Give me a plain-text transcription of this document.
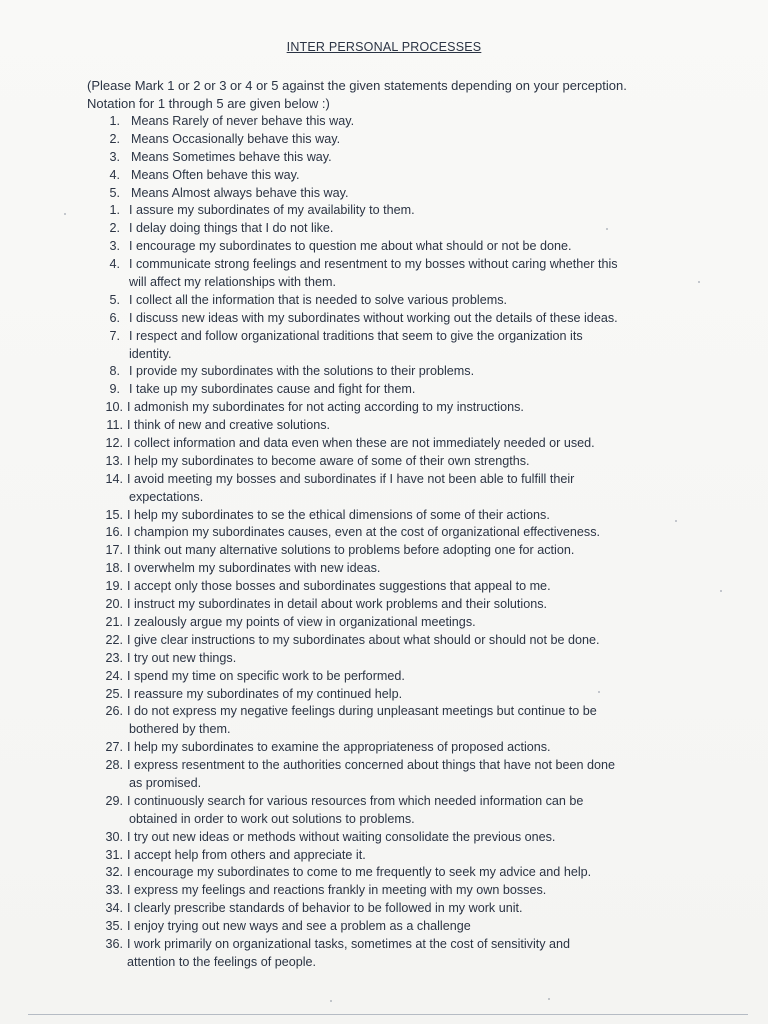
INTER PERSONAL PROCESSES
(Please Mark 1 or 2 or 3 or 4 or 5 against the given statements depending on your perception.
Notation for 1 through 5 are given below :)
1. Means Rarely of never behave this way.
2. Means Occasionally behave this way.
3. Means Sometimes behave this way.
4. Means Often behave this way.
5. Means Almost always behave this way.
1. I assure my subordinates of my availability to them.
2. I delay doing things that I do not like.
3. I encourage my subordinates to question me about what should or not be done.
4. I communicate strong feelings and resentment to my bosses without caring whether this
will affect my relationships with them.
5. I collect all the information that is needed to solve various problems.
6. I discuss new ideas with my subordinates without working out the details of these ideas.
7. I respect and follow organizational traditions that seem to give the organization its
identity.
8. I provide my subordinates with the solutions to their problems.
9. I take up my subordinates cause and fight for them.
10. I admonish my subordinates for not acting according to my instructions.
11. I think of new and creative solutions.
12. I collect information and data even when these are not immediately needed or used.
13. I help my subordinates to become aware of some of their own strengths.
14. I avoid meeting my bosses and subordinates if I have not been able to fulfill their
expectations.
15. I help my subordinates to se the ethical dimensions of some of their actions.
16. I champion my subordinates causes, even at the cost of organizational effectiveness.
17. I think out many alternative solutions to problems before adopting one for action.
18. I overwhelm my subordinates with new ideas.
19. I accept only those bosses and subordinates suggestions that appeal to me.
20. I instruct my subordinates in detail about work problems and their solutions.
21. I zealously argue my points of view in organizational meetings.
22. I give clear instructions to my subordinates about what should or should not be done.
23. I try out new things.
24. I spend my time on specific work to be performed.
25. I reassure my subordinates of my continued help.
26. I do not express my negative feelings during unpleasant meetings but continue to be
bothered by them.
27. I help my subordinates to examine the appropriateness of proposed actions.
28. I express resentment to the authorities concerned about things that have not been done
as promised.
29. I continuously search for various resources from which needed information can be
obtained in order to work out solutions to problems.
30. I try out new ideas or methods without waiting consolidate the previous ones.
31. I accept help from others and appreciate it.
32. I encourage my subordinates to come to me frequently to seek my advice and help.
33. I express my feelings and reactions frankly in meeting with my own bosses.
34. I clearly prescribe standards of behavior to be followed in my work unit.
35. I enjoy trying out new ways and see a problem as a challenge
36. I work primarily on organizational tasks, sometimes at the cost of sensitivity and
attention to the feelings of people.
